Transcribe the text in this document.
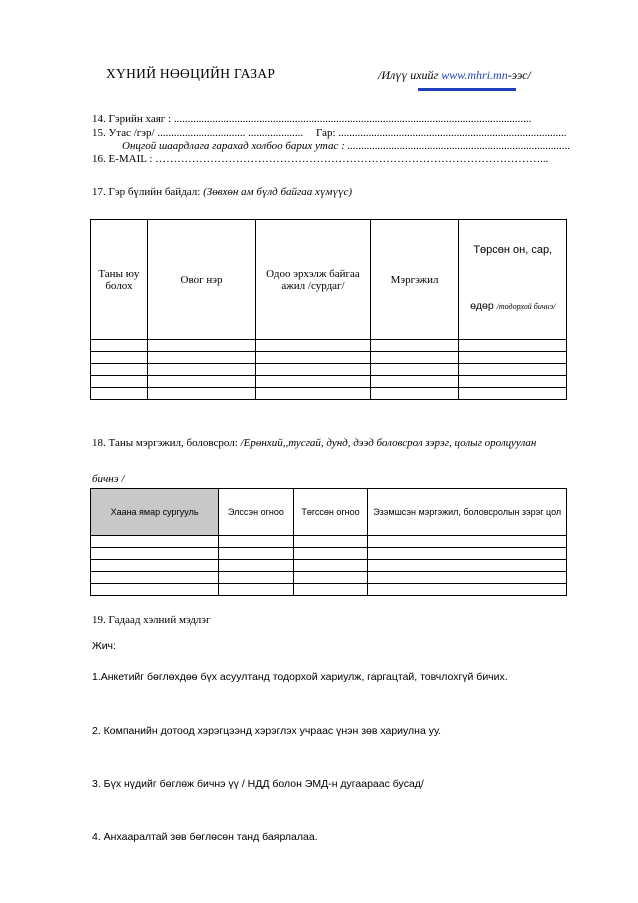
ХҮНИЙ НӨӨЦИЙН ГАЗАР	/Илүү ихийг www.mhri.mn-ээс/
14. Гэрийн хаяг : ..................................................................................................................................
15. Утас /гэр/ ................................ .................... Гар: ...................................................................................
Онцгой шаардлага гарахад холбоо барих утас : .................................................................................
16. E-MAIL : ……………………………………………………………………………………………...
17. Гэр бүлийн байдал: (Зөвхөн ам бүлд байгаа хүмүүс)
Таны юу болох	Овог нэр	Одоо эрхэлж байгаа ажил /сурдаг/	Мэргэжил	Төрсөн он, сар,
өдөр /тодорхой бичнэ/

18. Таны мэргэжил, боловсрол: /Ерөнхий,,тусгай, дунд, дээд боловсрол зэрэг, цолыг оролцуулан
бичнэ /
Хаана ямар сургууль	Элссэн огноо	Төгссөн огноо	Эзэмшсэн мэргэжил, боловсролын зэрэг цол

19. Гадаад хэлний мэдлэг
Жич:
1.Анкетийг бөглөхдөө бүх асуултанд тодорхой хариулж, гаргацтай, товчлохгүй бичих.
2. Компанийн дотоод хэрэгцээнд хэрэглэх учраас үнэн зөв хариулна уу.
3. Бүх нүдийг бөглөж бичнэ үү / НДД болон ЭМД-н дугаараас бусад/
4. Анхааралтай зөв бөглөсөн танд баярлалаа.
